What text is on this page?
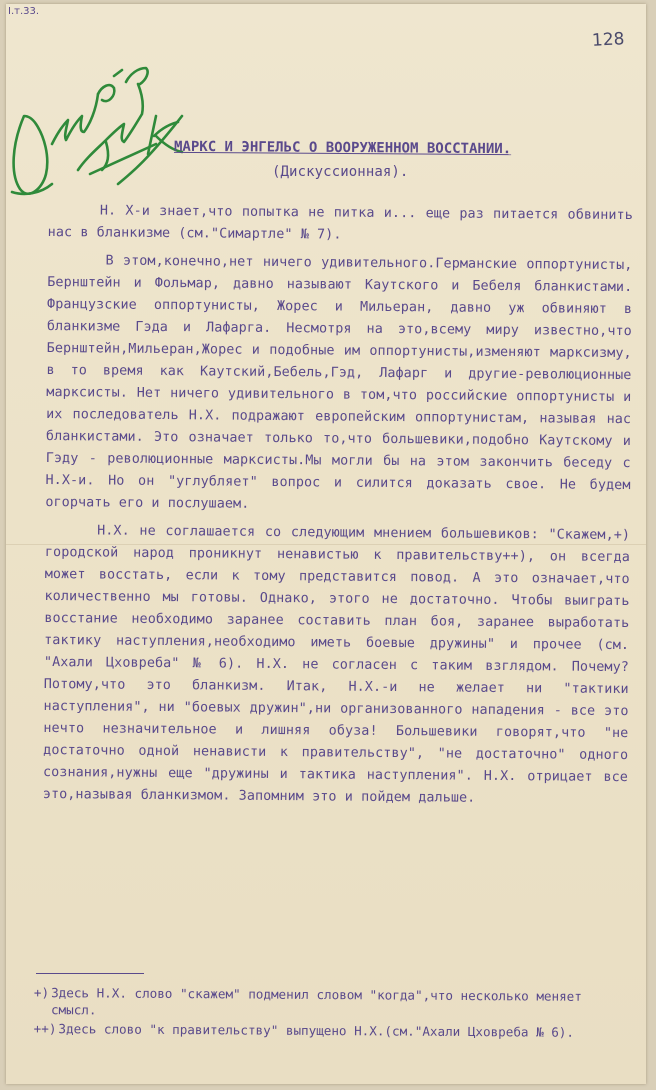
I.т.33.
128
МАРКС И ЭНГЕЛЬС О ВООРУЖЕННОМ ВОССТАНИИ.
(Дискуссионная).

Н. Х-и знает,что попытка не питка и... еще раз питается обвинить нас в бланкизме (см."Симартле" № 7).

В этом,конечно,нет ничего удивительного.Германские оппортунисты, Бернштейн и Фольмар, давно называют Каутского и Бебеля бланкистами. Французские оппортунисты, Жорес и Мильеран, давно уж обвиняют в бланкизме Гэда и Лафарга. Несмотря на это,всему миру известно,что Бернштейн,Мильеран,Жорес и подобные им оппортунисты,изменяют марксизму, в то время как Каутский,Бебель,Гэд, Лафарг и другие-революционные марксисты. Нет ничего удивительного в том,что российские оппортунисты и их последователь Н.Х. подражают европейским оппортунистам, называя нас бланкистами. Это означает только то,что большевики,подобно Каутскому и Гэду - революционные марксисты.Мы могли бы на этом закончить беседу с Н.Х-и. Но он "углубляет" вопрос и силится доказать свое. Не будем огорчать его и послушаем.

Н.Х. не соглашается со следующим мнением большевиков: "Скажем,+) городской народ проникнут ненавистью к правительству++), он всегда может восстать, если к тому представится повод. А это означает,что количественно мы готовы. Однако, этого не достаточно. Чтобы выиграть восстание необходимо заранее составить план боя, заранее выработать тактику наступления,необходимо иметь боевые дружины" и прочее (см. "Ахали Цховреба" № 6). Н.Х. не согласен с таким взглядом. Почему? Потому,что это бланкизм. Итак, Н.Х.-и не желает ни "тактики наступления", ни "боевых дружин",ни организованного нападения - все это нечто незначительное и лишняя обуза! Большевики говорят,что "не достаточно одной ненависти к правительству", "не достаточно" одного сознания,нужны еще "дружины и тактика наступления". Н.Х. отрицает все это,называя бланкизмом. Запомним это и пойдем дальше.

+) Здесь Н.Х. слово "скажем" подменил словом "когда",что несколько меняет смысл.
++) Здесь слово "к правительству" выпущено Н.Х.(см."Ахали Цховреба № 6).
